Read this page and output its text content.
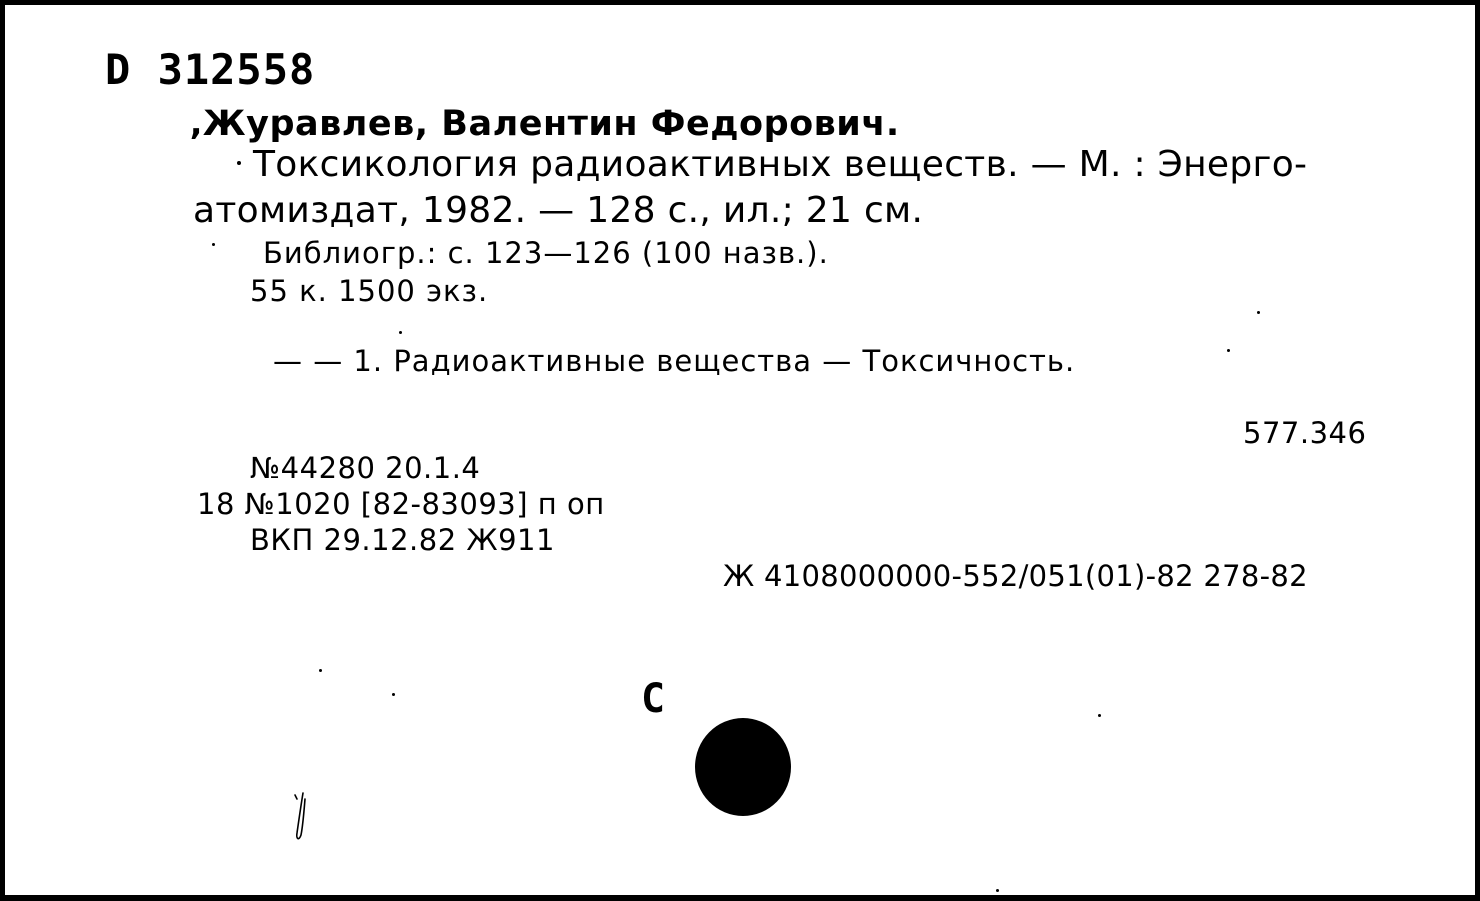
D 312558
‚Журавлев, Валентин Федорович.
Токсикология радиоактивных веществ. — М. : Энерго-
атомиздат, 1982. — 128 с., ил.; 21 см.
Библиогр.: с. 123—126 (100 назв.).
55 к. 1500 экз.
— — 1. Радиоактивные вещества — Токсичность.
577.346
№44280 20.1.4
18 №1020 [82-83093] п оп
ВКП 29.12.82 Ж911
Ж 4108000000-552/051(01)-82 278-82
С
